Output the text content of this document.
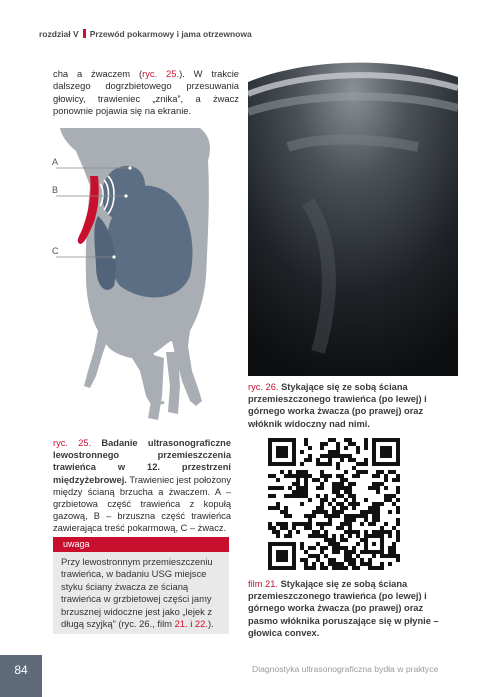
rozdział V Przewód pokarmowy i jama otrzewnowa
cha a żwaczem (ryc. 25.). W trakcie dalszego dogrzbietowego przesuwania głowicy, trawieniec „znika”, a żwacz ponownie pojawia się na ekranie.
A
B
C
ryc. 26. Stykające się ze sobą ściana przemieszczonego trawieńca (po lewej) i górnego worka żwacza (po prawej) oraz włóknik widoczny nad nimi.
ryc. 25. Badanie ultrasonograficzne lewostronnego przemieszczenia trawieńca w 12. przestrzeni międzyżebrowej. Trawieniec jest położony między ścianą brzucha a żwaczem. A – grzbietowa część trawieńca z kopułą gazową, B – brzuszna część trawieńca zawierająca treść pokarmową, C – żwacz.
uwaga
Przy lewostronnym przemieszczeniu trawieńca, w badaniu USG miejsce styku ściany żwacza ze ścianą trawieńca w grzbietowej części jamy brzusznej widoczne jest jako „lejek z długą szyjką” (ryc. 26., film 21. i 22.).
film 21. Stykające się ze sobą ściana przemieszczonego trawieńca (po lewej) i górnego worka żwacza (po prawej) oraz pasmo włóknika poruszające się w płynie – głowica convex.
84	Diagnostyka ultrasonograficzna bydła w praktyce
